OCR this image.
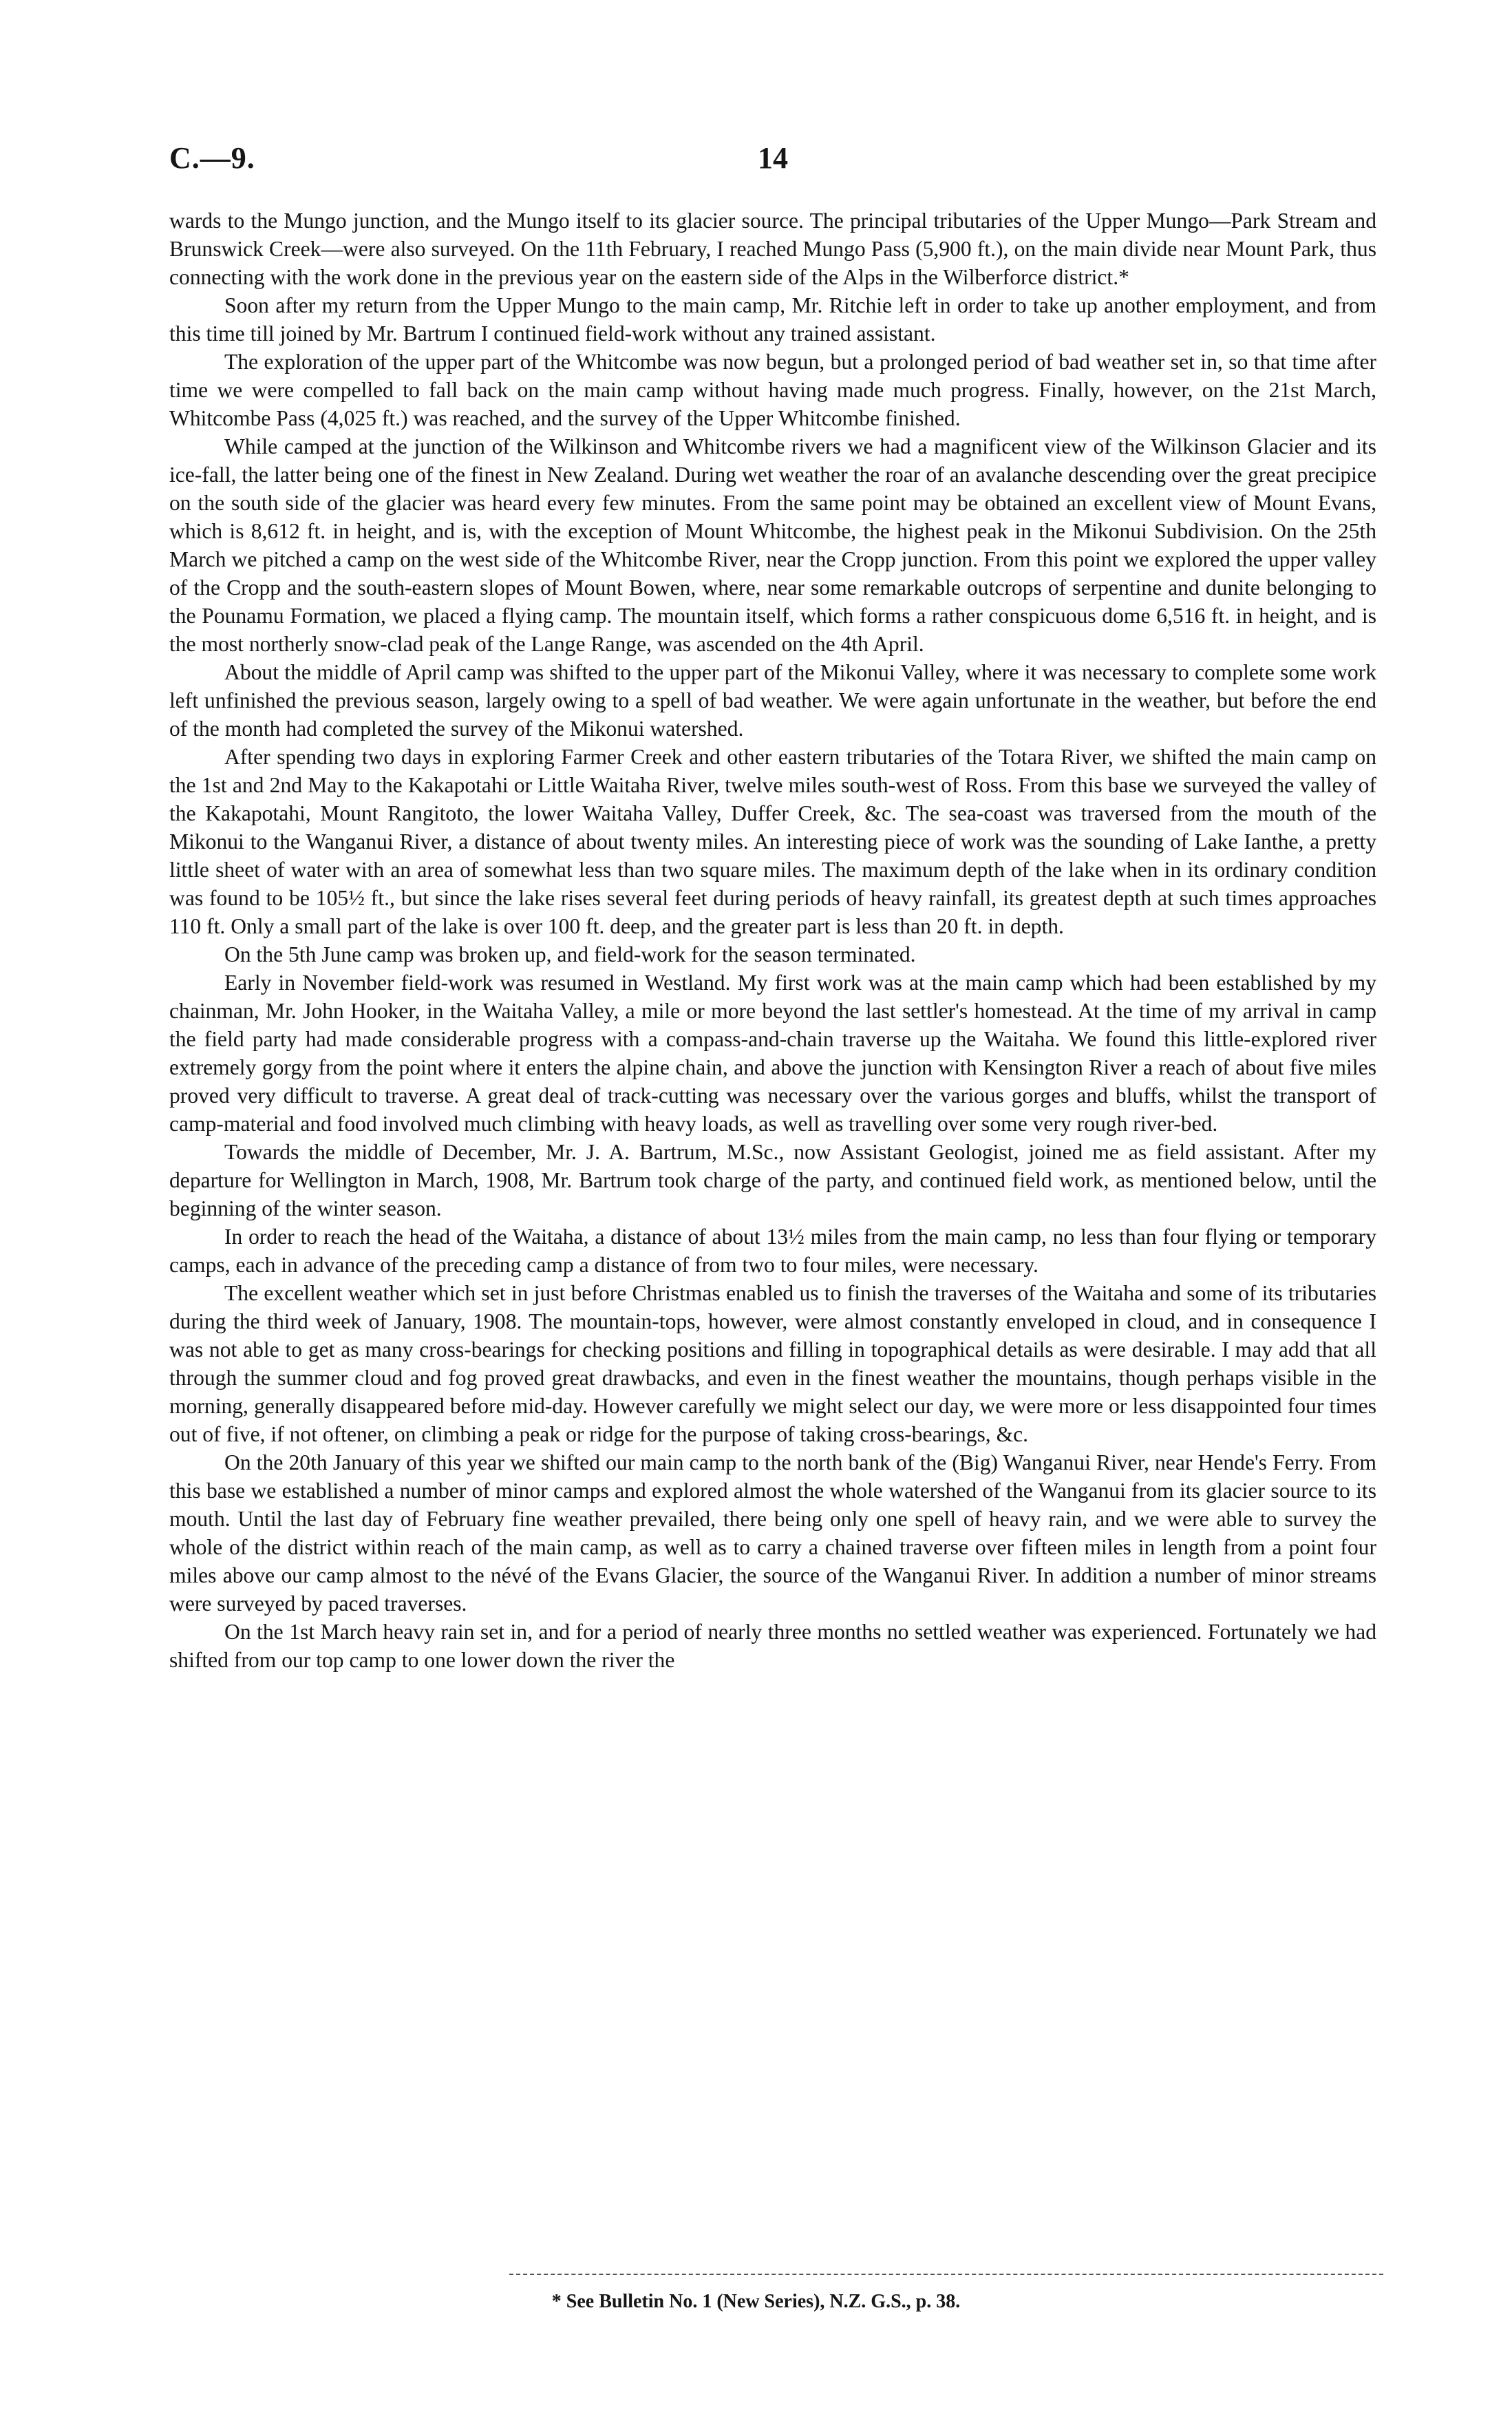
14
C.—9.

wards to the Mungo junction, and the Mungo itself to its glacier source. The principal tributaries of the Upper Mungo—Park Stream and Brunswick Creek—were also surveyed. On the 11th February, I reached Mungo Pass (5,900 ft.), on the main divide near Mount Park, thus connecting with the work done in the previous year on the eastern side of the Alps in the Wilberforce district.*

Soon after my return from the Upper Mungo to the main camp, Mr. Ritchie left in order to take up another employment, and from this time till joined by Mr. Bartrum I continued field-work without any trained assistant.

The exploration of the upper part of the Whitcombe was now begun, but a prolonged period of bad weather set in, so that time after time we were compelled to fall back on the main camp without having made much progress. Finally, however, on the 21st March, Whitcombe Pass (4,025 ft.) was reached, and the survey of the Upper Whitcombe finished.

While camped at the junction of the Wilkinson and Whitcombe rivers we had a magnificent view of the Wilkinson Glacier and its ice-fall, the latter being one of the finest in New Zealand. During wet weather the roar of an avalanche descending over the great precipice on the south side of the glacier was heard every few minutes. From the same point may be obtained an excellent view of Mount Evans, which is 8,612 ft. in height, and is, with the exception of Mount Whitcombe, the highest peak in the Mikonui Subdivision. On the 25th March we pitched a camp on the west side of the Whitcombe River, near the Cropp junction. From this point we explored the upper valley of the Cropp and the south-eastern slopes of Mount Bowen, where, near some remarkable outcrops of serpentine and dunite belonging to the Pounamu Formation, we placed a flying camp. The mountain itself, which forms a rather conspicuous dome 6,516 ft. in height, and is the most northerly snow-clad peak of the Lange Range, was ascended on the 4th April.

About the middle of April camp was shifted to the upper part of the Mikonui Valley, where it was necessary to complete some work left unfinished the previous season, largely owing to a spell of bad weather. We were again unfortunate in the weather, but before the end of the month had completed the survey of the Mikonui watershed.

After spending two days in exploring Farmer Creek and other eastern tributaries of the Totara River, we shifted the main camp on the 1st and 2nd May to the Kakapotahi or Little Waitaha River, twelve miles south-west of Ross. From this base we surveyed the valley of the Kakapotahi, Mount Rangitoto, the lower Waitaha Valley, Duffer Creek, &c. The sea-coast was traversed from the mouth of the Mikonui to the Wanganui River, a distance of about twenty miles. An interesting piece of work was the sounding of Lake Ianthe, a pretty little sheet of water with an area of somewhat less than two square miles. The maximum depth of the lake when in its ordinary condition was found to be 105½ ft., but since the lake rises several feet during periods of heavy rainfall, its greatest depth at such times approaches 110 ft. Only a small part of the lake is over 100 ft. deep, and the greater part is less than 20 ft. in depth.

On the 5th June camp was broken up, and field-work for the season terminated.

Early in November field-work was resumed in Westland. My first work was at the main camp which had been established by my chainman, Mr. John Hooker, in the Waitaha Valley, a mile or more beyond the last settler's homestead. At the time of my arrival in camp the field party had made considerable progress with a compass-and-chain traverse up the Waitaha. We found this little-explored river extremely gorgy from the point where it enters the alpine chain, and above the junction with Kensington River a reach of about five miles proved very difficult to traverse. A great deal of track-cutting was necessary over the various gorges and bluffs, whilst the transport of camp-material and food involved much climbing with heavy loads, as well as travelling over some very rough river-bed.

Towards the middle of December, Mr. J. A. Bartrum, M.Sc., now Assistant Geologist, joined me as field assistant. After my departure for Wellington in March, 1908, Mr. Bartrum took charge of the party, and continued field work, as mentioned below, until the beginning of the winter season.

In order to reach the head of the Waitaha, a distance of about 13½ miles from the main camp, no less than four flying or temporary camps, each in advance of the preceding camp a distance of from two to four miles, were necessary.

The excellent weather which set in just before Christmas enabled us to finish the traverses of the Waitaha and some of its tributaries during the third week of January, 1908. The mountain-tops, however, were almost constantly enveloped in cloud, and in consequence I was not able to get as many cross-bearings for checking positions and filling in topographical details as were desirable. I may add that all through the summer cloud and fog proved great drawbacks, and even in the finest weather the mountains, though perhaps visible in the morning, generally disappeared before mid-day. However carefully we might select our day, we were more or less disappointed four times out of five, if not oftener, on climbing a peak or ridge for the purpose of taking cross-bearings, &c.

On the 20th January of this year we shifted our main camp to the north bank of the (Big) Wanganui River, near Hende's Ferry. From this base we established a number of minor camps and explored almost the whole watershed of the Wanganui from its glacier source to its mouth. Until the last day of February fine weather prevailed, there being only one spell of heavy rain, and we were able to survey the whole of the district within reach of the main camp, as well as to carry a chained traverse over fifteen miles in length from a point four miles above our camp almost to the névé of the Evans Glacier, the source of the Wanganui River. In addition a number of minor streams were surveyed by paced traverses.

On the 1st March heavy rain set in, and for a period of nearly three months no settled weather was experienced. Fortunately we had shifted from our top camp to one lower down the river the

* See Bulletin No. 1 (New Series), N.Z. G.S., p. 38.
